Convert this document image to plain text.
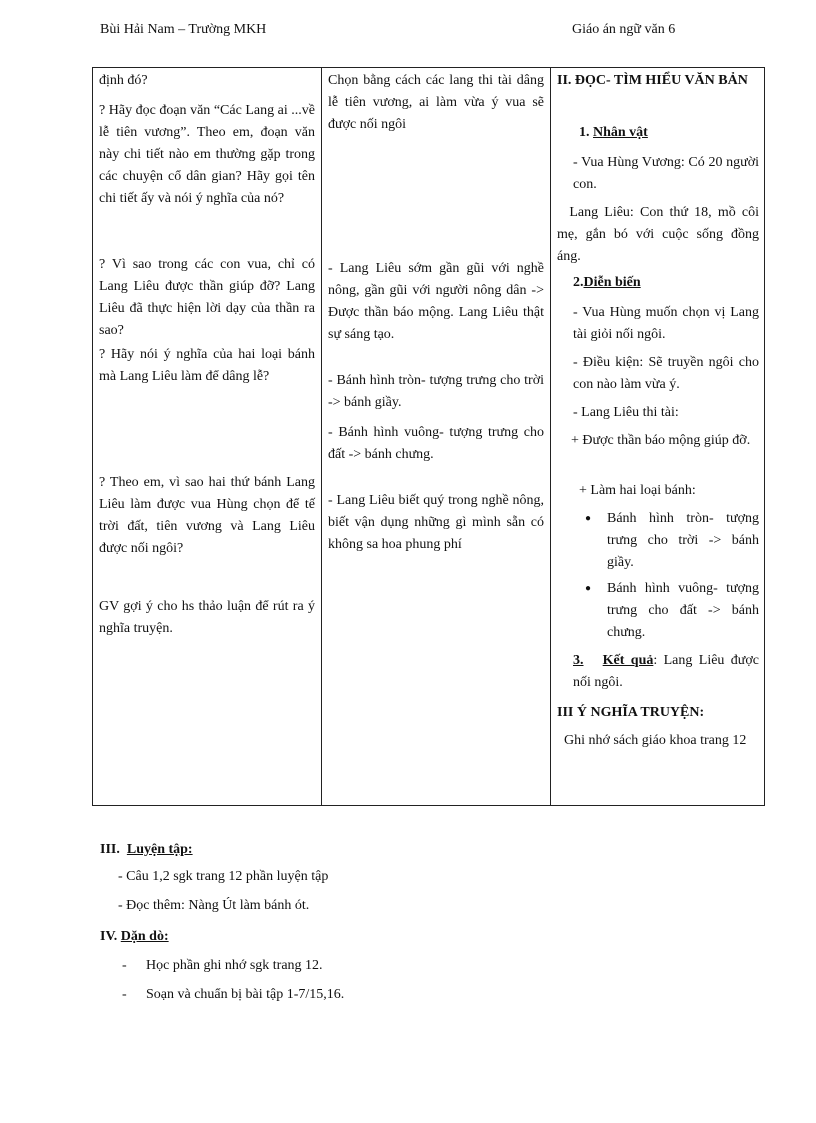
Bùi Hải Nam – Trường MKH	Giáo án ngữ văn 6

định đó?

? Hãy đọc đoạn văn “Các Lang ai ...về lễ tiên vương”. Theo em, đoạn văn này chi tiết nào em thường gặp trong các chuyện cổ dân gian? Hãy gọi tên chi tiết ấy và nói ý nghĩa của nó?

? Vì sao trong các con vua, chỉ có Lang Liêu được thần giúp đỡ? Lang Liêu đã thực hiện lời dạy của thần ra sao?

? Hãy nói ý nghĩa của hai loại bánh mà Lang Liêu làm để dâng lễ?

? Theo em, vì sao hai thứ bánh Lang Liêu làm được vua Hùng chọn để tế trời đất, tiên vương và Lang Liêu được nối ngôi?

GV gợi ý cho hs thảo luận để rút ra ý nghĩa truyện.

Chọn bằng cách các lang thi tài dâng lễ tiên vương, ai làm vừa ý vua sẽ được nối ngôi

- Lang Liêu sớm gần gũi với nghề nông, gần gũi với người nông dân -> Được thần báo mộng. Lang Liêu thật sự sáng tạo.

- Bánh hình tròn- tượng trưng cho trời -> bánh giầy.

- Bánh hình vuông- tượng trưng cho đất -> bánh chưng.

- Lang Liêu biết quý trong nghề nông, biết vận dụng những gì mình sẵn có không sa hoa phung phí

II. ĐỌC- TÌM HIỂU VĂN BẢN

1. Nhân vật

- Vua Hùng Vương: Có 20 người con.

Lang Liêu: Con thứ 18, mồ côi mẹ, gắn bó với cuộc sống đồng áng.

2.Diễn biến

- Vua Hùng muốn chọn vị Lang tài giỏi nối ngôi.

- Điều kiện: Sẽ truyền ngôi cho con nào làm vừa ý.

- Lang Liêu thi tài:

+ Được thần báo mộng giúp đỡ.

+ Làm hai loại bánh:

● Bánh hình tròn- tượng trưng cho trời -> bánh giầy.

● Bánh hình vuông- tượng trưng cho đất -> bánh chưng.

3. Kết quả: Lang Liêu được nối ngôi.

III Ý NGHĨA TRUYỆN:

Ghi nhớ sách giáo khoa trang 12

III. Luyện tập:
- Câu 1,2 sgk trang 12 phần luyện tập
- Đọc thêm: Nàng Út làm bánh ót.
IV. Dặn dò:
- Học phần ghi nhớ sgk trang 12.
- Soạn và chuẩn bị bài tập 1-7/15,16.
